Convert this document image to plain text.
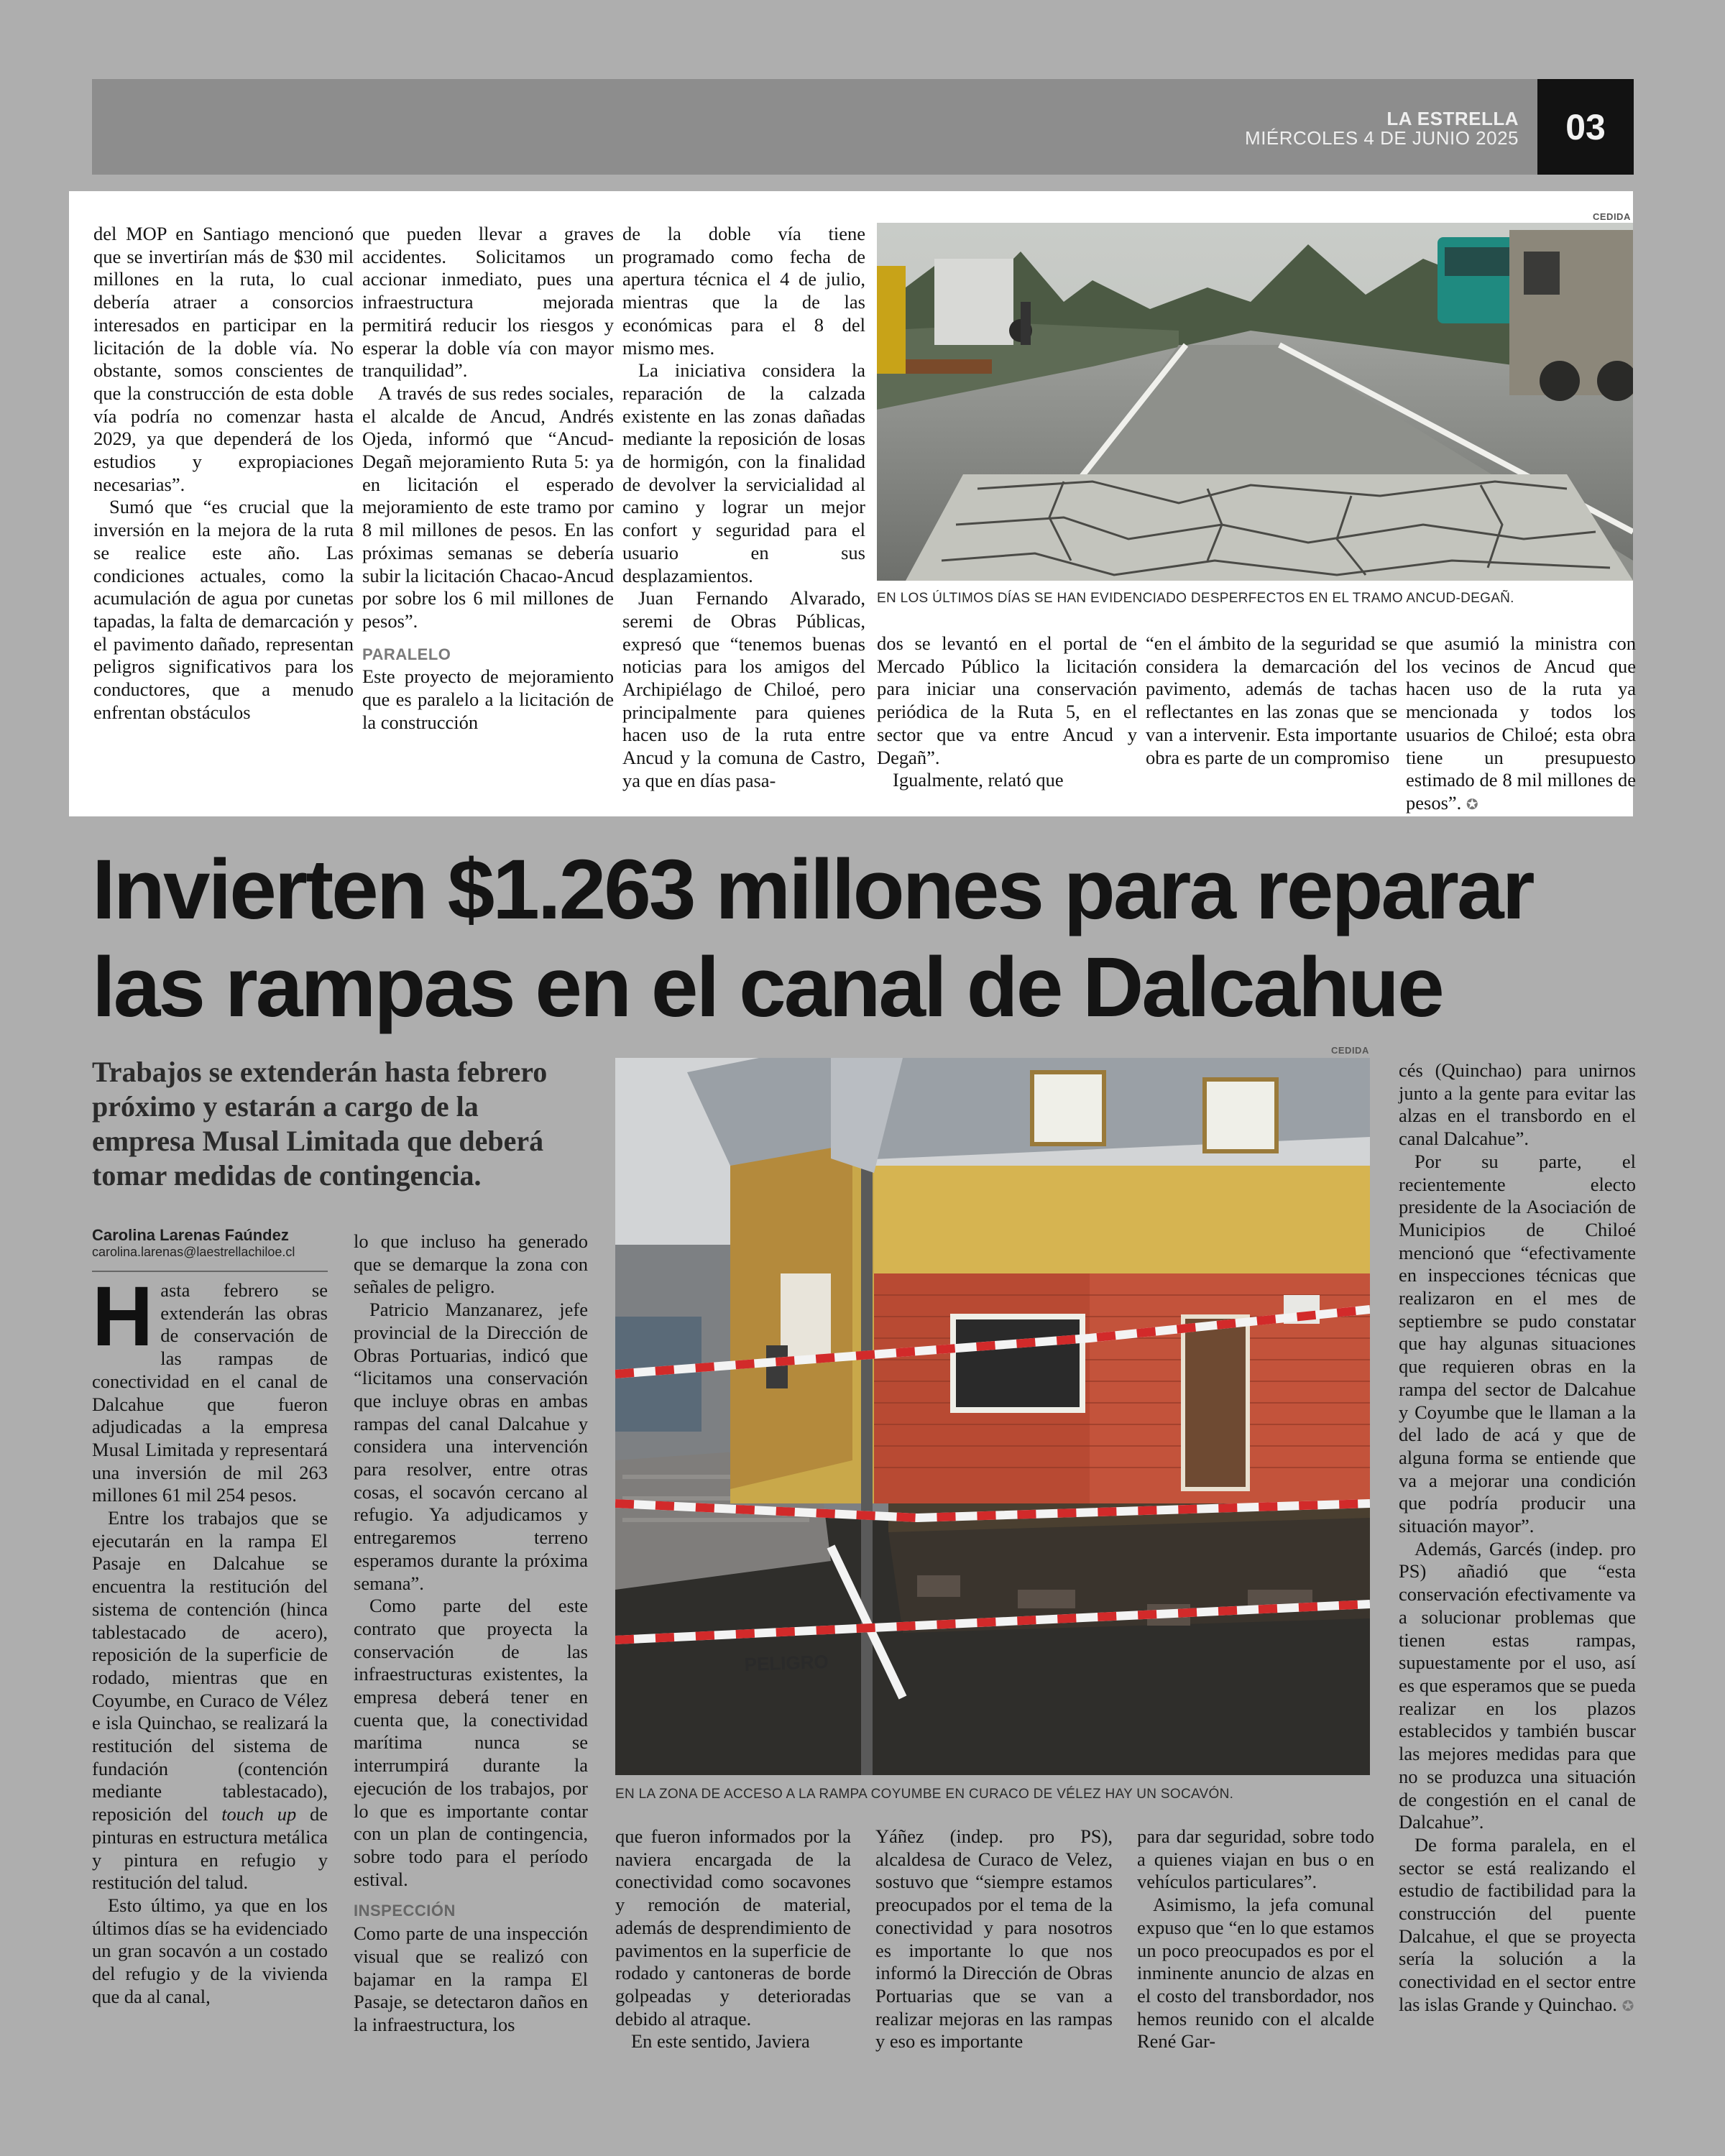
LA ESTRELLA
MIÉRCOLES 4 DE JUNIO 2025	03

del MOP en Santiago mencionó que se invertirían más de $30 mil millones en la ruta, lo cual debería atraer a consorcios interesados en participar en la licitación de la doble vía. No obstante, somos conscientes de que la construcción de esta doble vía podría no comenzar hasta 2029, ya que dependerá de los estudios y expropiaciones necesarias”.

Sumó que “es crucial que la inversión en la mejora de la ruta se realice este año. Las condiciones actuales, como la acumulación de agua por cunetas tapadas, la falta de demarcación y el pavimento dañado, representan peligros significativos para los conductores, que a menudo enfrentan obstáculos

que pueden llevar a graves accidentes. Solicitamos un accionar inmediato, pues una infraestructura mejorada permitirá reducir los riesgos y esperar la doble vía con mayor tranquilidad”.

A través de sus redes sociales, el alcalde de Ancud, Andrés Ojeda, informó que “Ancud-Degañ mejoramiento Ruta 5: ya en licitación el esperado mejoramiento de este tramo por 8 mil millones de pesos. En las próximas semanas se debería subir la licitación Chacao-Ancud por sobre los 6 mil millones de pesos”.

PARALELO

Este proyecto de mejoramiento que es paralelo a la licitación de la construcción

de la doble vía tiene programado como fecha de apertura técnica el 4 de julio, mientras que la de las económicas para el 8 del mismo mes.

La iniciativa considera la reparación de la calzada existente en las zonas dañadas mediante la reposición de losas de hormigón, con la finalidad de devolver la servicialidad al camino y lograr un mejor confort y seguridad para el usuario en sus desplazamientos.

Juan Fernando Alvarado, seremi de Obras Públicas, expresó que “tenemos buenas noticias para los amigos del Archipiélago de Chiloé, pero principalmente para quienes hacen uso de la ruta entre Ancud y la comuna de Castro, ya que en días pasa-

CEDIDA
EN LOS ÚLTIMOS DÍAS SE HAN EVIDENCIADO DESPERFECTOS EN EL TRAMO ANCUD-DEGAÑ.

dos se levantó en el portal de Mercado Público la licitación para iniciar una conservación periódica de la Ruta 5, en el sector que va entre Ancud y Degañ”.

Igualmente, relató que

“en el ámbito de la seguridad se considera la demarcación del pavimento, además de tachas reflectantes en las zonas que se van a intervenir. Esta importante obra es parte de un compromiso

que asumió la ministra con los vecinos de Ancud que hacen uso de la ruta ya mencionada y todos los usuarios de Chiloé; esta obra tiene un presupuesto estimado de 8 mil millones de pesos”. ✪

Invierten $1.263 millones para reparar
las rampas en el canal de Dalcahue
Trabajos se extenderán hasta febrero próximo y estarán a cargo de la empresa Musal Limitada que deberá tomar medidas de contingencia.
Carolina Larenas Faúndez
carolina.larenas@laestrellachiloe.cl

Hasta febrero se extenderán las obras de conservación de las rampas de conectividad en el canal de Dalcahue que fueron adjudicadas a la empresa Musal Limitada y representará una inversión de mil 263 millones 61 mil 254 pesos.

Entre los trabajos que se ejecutarán en la rampa El Pasaje en Dalcahue se encuentra la restitución del sistema de contención (hinca tablestacado de acero), reposición de la superficie de rodado, mientras que en Coyumbe, en Curaco de Vélez e isla Quinchao, se realizará la restitución del sistema de fundación (contención mediante tablestacado), reposición del touch up de pinturas en estructura metálica y pintura en refugio y restitución del talud.

Esto último, ya que en los últimos días se ha evidenciado un gran socavón a un costado del refugio y de la vivienda que da al canal,

lo que incluso ha generado que se demarque la zona con señales de peligro.

Patricio Manzanarez, jefe provincial de la Dirección de Obras Portuarias, indicó que “licitamos una conservación que incluye obras en ambas rampas del canal Dalcahue y considera una intervención para resolver, entre otras cosas, el socavón cercano al refugio. Ya adjudicamos y entregaremos terreno esperamos durante la próxima semana”.

Como parte del este contrato que proyecta la conservación de las infraestructuras existentes, la empresa deberá tener en cuenta que, la conectividad marítima nunca se interrumpirá durante la ejecución de los trabajos, por lo que es importante contar con un plan de contingencia, sobre todo para el período estival.

INSPECCIÓN

Como parte de una inspección visual que se realizó con bajamar en la rampa El Pasaje, se detectaron daños en la infraestructura, los

CEDIDA
PELIGRO
EN LA ZONA DE ACCESO A LA RAMPA COYUMBE EN CURACO DE VÉLEZ HAY UN SOCAVÓN.

que fueron informados por la naviera encargada de la conectividad como socavones y remoción de material, además de desprendimiento de pavimentos en la superficie de rodado y cantoneras de borde golpeadas y deterioradas debido al atraque.

En este sentido, Javiera

Yáñez (indep. pro PS), alcaldesa de Curaco de Velez, sostuvo que “siempre estamos preocupados por el tema de la conectividad y para nosotros es importante lo que nos informó la Dirección de Obras Portuarias que se van a realizar mejoras en las rampas y eso es importante

para dar seguridad, sobre todo a quienes viajan en bus o en vehículos particulares”.

Asimismo, la jefa comunal expuso que “en lo que estamos un poco preocupados es por el inminente anuncio de alzas en el costo del transbordador, nos hemos reunido con el alcalde René Gar-

cés (Quinchao) para unirnos junto a la gente para evitar las alzas en el transbordo en el canal Dalcahue”.

Por su parte, el recientemente electo presidente de la Asociación de Municipios de Chiloé mencionó que “efectivamente en inspecciones técnicas que realizaron en el mes de septiembre se pudo constatar que hay algunas situaciones que requieren obras en la rampa del sector de Dalcahue y Coyumbe que le llaman a la del lado de acá y que de alguna forma se entiende que va a mejorar una condición que podría producir una situación mayor”.

Además, Garcés (indep. pro PS) añadió que “esta conservación efectivamente va a solucionar problemas que tienen estas rampas, supuestamente por el uso, así es que esperamos que se pueda realizar en los plazos establecidos y también buscar las mejores medidas para que no se produzca una situación de congestión en el canal de Dalcahue”.

De forma paralela, en el sector se está realizando el estudio de factibilidad para la construcción del puente Dalcahue, el que se proyecta sería la solución a la conectividad en el sector entre las islas Grande y Quinchao. ✪
